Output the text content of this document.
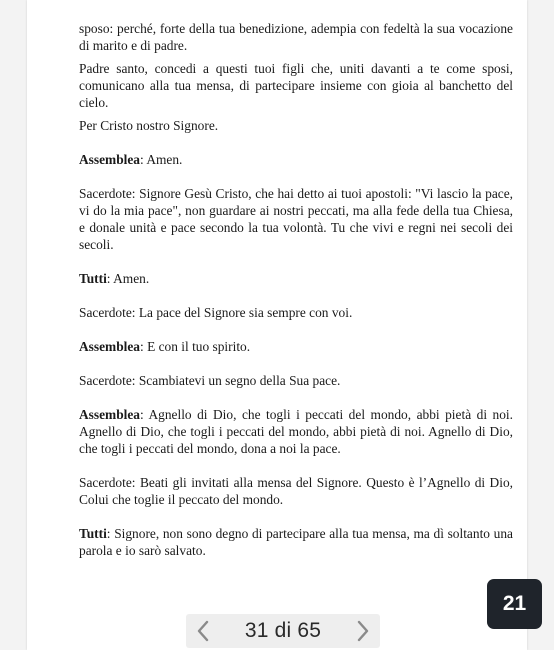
sposo: perché, forte della tua benedizione, adempia con fedeltà la sua vocazione di marito e di padre.

Padre santo, concedi a questi tuoi figli che, uniti davanti a te come sposi, comunicano alla tua mensa, di partecipare insieme con gioia al banchetto del cielo.

Per Cristo nostro Signore.

Assemblea: Amen.

Sacerdote: Signore Gesù Cristo, che hai detto ai tuoi apostoli: "Vi lascio la pace, vi do la mia pace", non guardare ai nostri peccati, ma alla fede della tua Chiesa, e donale unità e pace secondo la tua volontà. Tu che vivi e regni nei secoli dei secoli.

Tutti: Amen.

Sacerdote: La pace del Signore sia sempre con voi.

Assemblea: E con il tuo spirito.

Sacerdote: Scambiatevi un segno della Sua pace.

Assemblea: Agnello di Dio, che togli i peccati del mondo, abbi pietà di noi. Agnello di Dio, che togli i peccati del mondo, abbi pietà di noi. Agnello di Dio, che togli i peccati del mondo, dona a noi la pace.

Sacerdote: Beati gli invitati alla mensa del Signore. Questo è l’Agnello di Dio, Colui che toglie il peccato del mondo.

Tutti: Signore, non sono degno di partecipare alla tua mensa, ma dì soltanto una parola e io sarò salvato.

31 di 65
21
